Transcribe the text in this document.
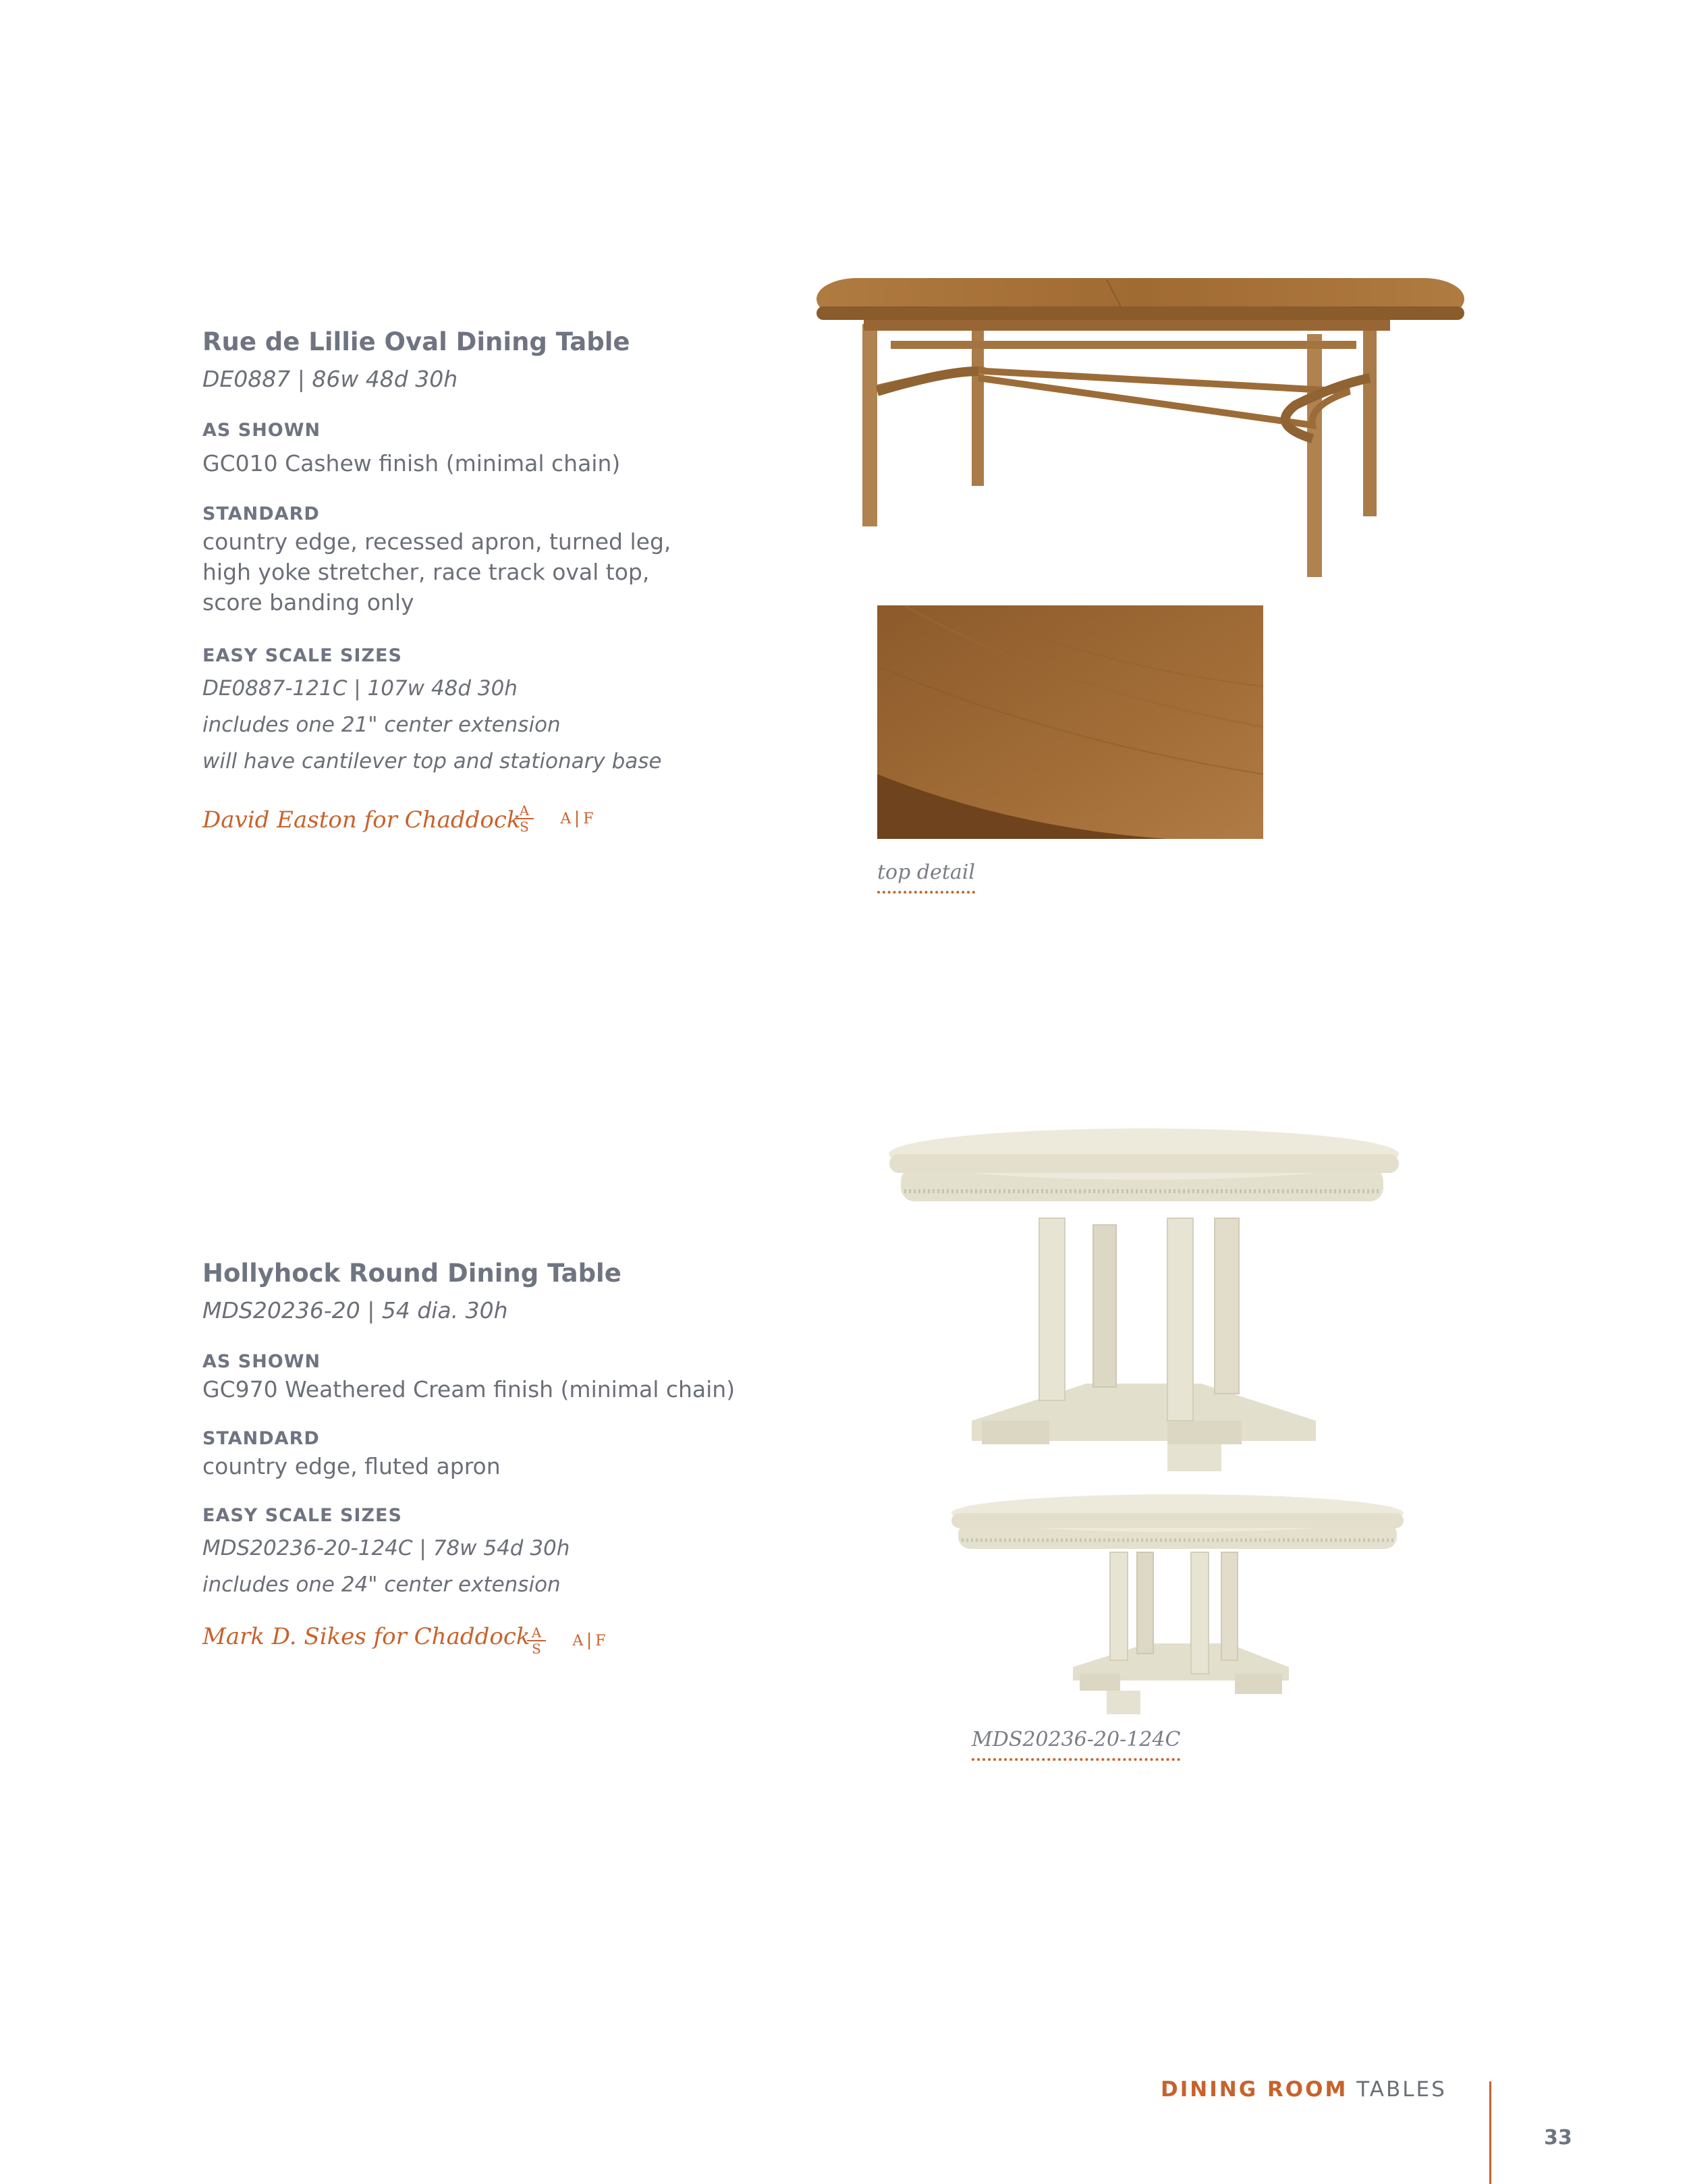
Rue de Lillie Oval Dining Table
DE0887 | 86w 48d 30h
AS SHOWN
GC010 Cashew finish (minimal chain)
STANDARD
country edge, recessed apron, turned leg,
high yoke stretcher, race track oval top,
score banding only
EASY SCALE SIZES
DE0887-121C | 107w 48d 30h
includes one 21" center extension
will have cantilever top and stationary base
David Easton for Chaddock
$\frac{A}{S}$ A F
top detail
Hollyhock Round Dining Table
MDS20236-20 | 54 dia. 30h
AS SHOWN
GC970 Weathered Cream finish (minimal chain)
STANDARD
country edge, fluted apron
EASY SCALE SIZES
MDS20236-20-124C | 78w 54d 30h
includes one 24" center extension
Mark D. Sikes for Chaddock
$\frac{A}{S}$ A F
MDS20236-20-124C
DINING ROOM TABLES
33
